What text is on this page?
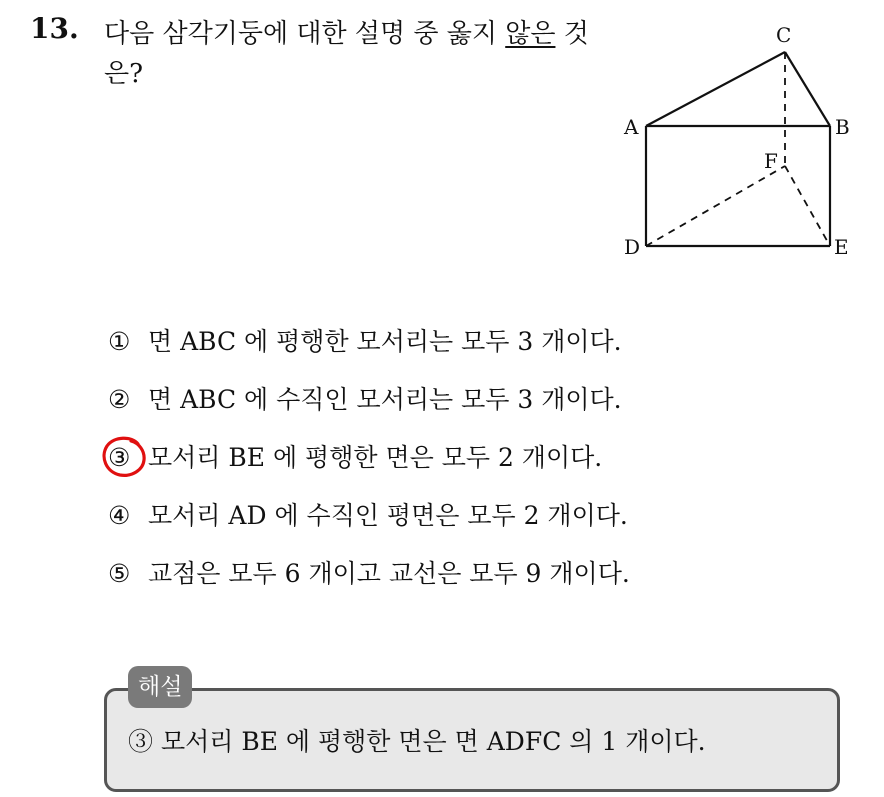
13. 다음 삼각기둥에 대한 설명 중 옳지 않은 것 은?
C
A	B
F
D	E
① 면 ABC 에 평행한 모서리는 모두 3 개이다.
② 면 ABC 에 수직인 모서리는 모두 3 개이다.
③ 모서리 BE 에 평행한 면은 모두 2 개이다.
④ 모서리 AD 에 수직인 평면은 모두 2 개이다.
⑤ 교점은 모두 6 개이고 교선은 모두 9 개이다.
해설
③ 모서리 BE 에 평행한 면은 면 ADFC 의 1 개이다.
